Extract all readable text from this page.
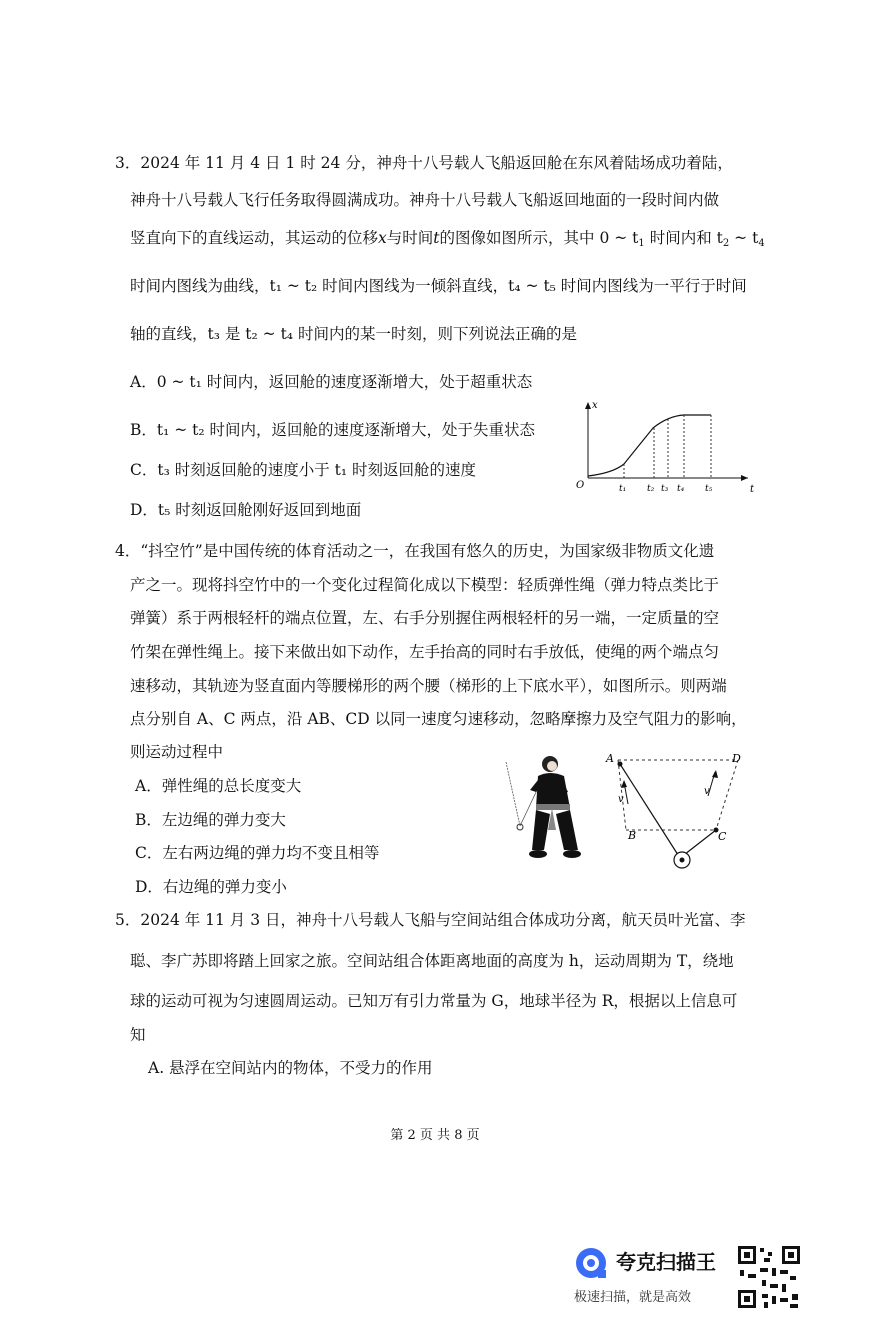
3．2024 年 11 月 4 日 1 时 24 分，神舟十八号载人飞船返回舱在东风着陆场成功着陆，
神舟十八号载人飞行任务取得圆满成功。神舟十八号载人飞船返回地面的一段时间内做
竖直向下的直线运动，其运动的位移x与时间t的图像如图所示，其中 0 ~ $t_1$ 时间内和 $t_2$ ~ $t_4$
时间内图线为曲线，t₁ ~ t₂ 时间内图线为一倾斜直线，t₄ ~ t₅ 时间内图线为一平行于时间
轴的直线，t₃ 是 t₂ ~ t₄ 时间内的某一时刻，则下列说法正确的是
A．0 ~ t₁ 时间内，返回舱的速度逐渐增大，处于超重状态
B．t₁ ~ t₂ 时间内，返回舱的速度逐渐增大，处于失重状态
C．t₃ 时刻返回舱的速度小于 t₁ 时刻返回舱的速度
D．t₅ 时刻返回舱刚好返回到地面
x
t
O	t₁ t₂ t₃ t₄ t₅
4．“抖空竹”是中国传统的体育活动之一，在我国有悠久的历史，为国家级非物质文化遗
产之一。现将抖空竹中的一个变化过程简化成以下模型：轻质弹性绳（弹力特点类比于
弹簧）系于两根轻杆的端点位置，左、右手分别握住两根轻杆的另一端，一定质量的空
竹架在弹性绳上。接下来做出如下动作，左手抬高的同时右手放低，使绳的两个端点匀
速移动，其轨迹为竖直面内等腰梯形的两个腰（梯形的上下底水平），如图所示。则两端
点分别自 A、C 两点，沿 AB、CD 以同一速度匀速移动，忽略摩擦力及空气阻力的影响，
则运动过程中
A．弹性绳的总长度变大
B．左边绳的弹力变大
C．左右两边绳的弹力均不变且相等
D．右边绳的弹力变小
A
B	C
D
v
v
5．2024 年 11 月 3 日，神舟十八号载人飞船与空间站组合体成功分离，航天员叶光富、李
聪、李广苏即将踏上回家之旅。空间站组合体距离地面的高度为 h，运动周期为 T，绕地
球的运动可视为匀速圆周运动。已知万有引力常量为 G，地球半径为 R，根据以上信息可
知
A. 悬浮在空间站内的物体，不受力的作用
第 2 页 共 8 页
夸克扫描王
极速扫描，就是高效
